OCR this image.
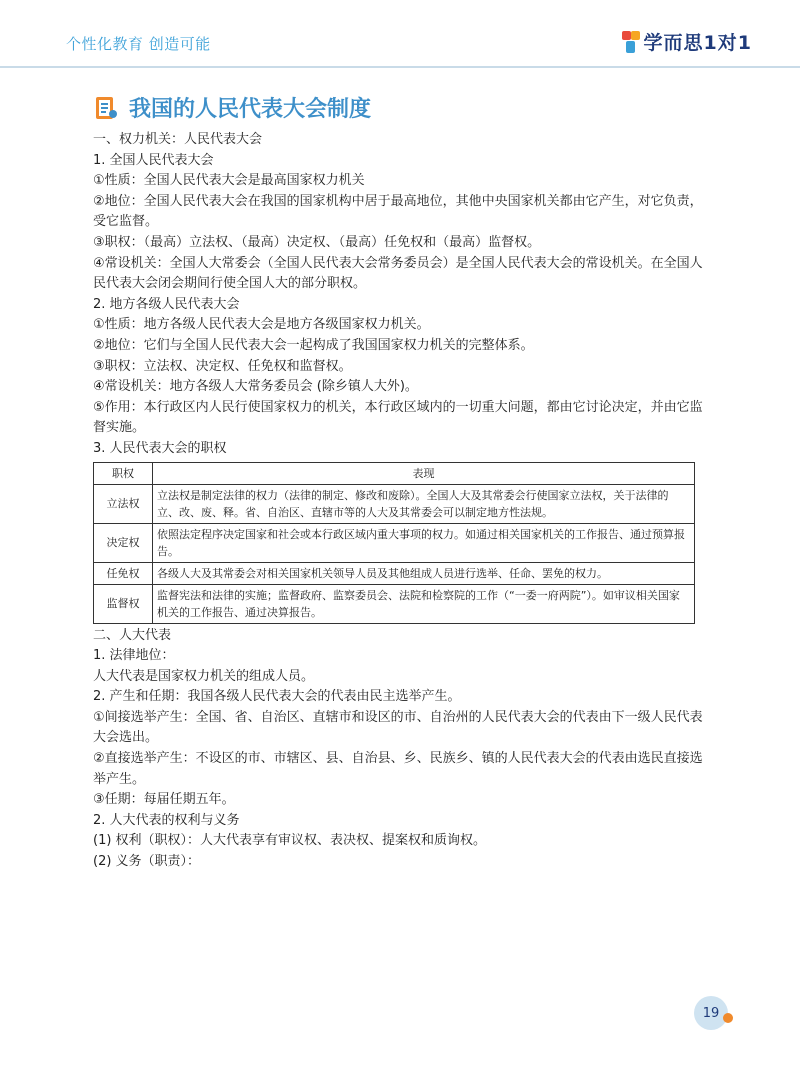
个性化教育 创造可能	学而思1对1
我国的人民代表大会制度

一、权力机关：人民代表大会

1. 全国人民代表大会

①性质：全国人民代表大会是最高国家权力机关

②地位：全国人民代表大会在我国的国家机构中居于最高地位，其他中央国家机关都由它产生，对它负责，受它监督。

③职权：（最高）立法权、（最高）决定权、（最高）任免权和（最高）监督权。

④常设机关：全国人大常委会（全国人民代表大会常务委员会）是全国人民代表大会的常设机关。在全国人民代表大会闭会期间行使全国人大的部分职权。

2. 地方各级人民代表大会

①性质：地方各级人民代表大会是地方各级国家权力机关。

②地位：它们与全国人民代表大会一起构成了我国国家权力机关的完整体系。

③职权：立法权、决定权、任免权和监督权。

④常设机关：地方各级人大常务委员会 (除乡镇人大外)。

⑤作用：本行政区内人民行使国家权力的机关，本行政区域内的一切重大问题，都由它讨论决定，并由它监督实施。

3. 人民代表大会的职权

职权	表现
立法权	立法权是制定法律的权力（法律的制定、修改和废除）。全国人大及其常委会行使国家立法权，关于法律的立、改、废、释。省、自治区、直辖市等的人大及其常委会可以制定地方性法规。
决定权	依照法定程序决定国家和社会或本行政区域内重大事项的权力。如通过相关国家机关的工作报告、通过预算报告。
任免权	各级人大及其常委会对相关国家机关领导人员及其他组成人员进行选举、任命、罢免的权力。
监督权	监督宪法和法律的实施；监督政府、监察委员会、法院和检察院的工作（“一委一府两院”）。如审议相关国家机关的工作报告、通过决算报告。

二、人大代表

1. 法律地位：

人大代表是国家权力机关的组成人员。

2. 产生和任期：我国各级人民代表大会的代表由民主选举产生。

①间接选举产生：全国、省、自治区、直辖市和设区的市、自治州的人民代表大会的代表由下一级人民代表大会选出。

②直接选举产生：不设区的市、市辖区、县、自治县、乡、民族乡、镇的人民代表大会的代表由选民直接选举产生。

③任期：每届任期五年。

2. 人大代表的权利与义务

(1) 权利（职权）：人大代表享有审议权、表决权、提案权和质询权。

(2) 义务（职责）：

19
